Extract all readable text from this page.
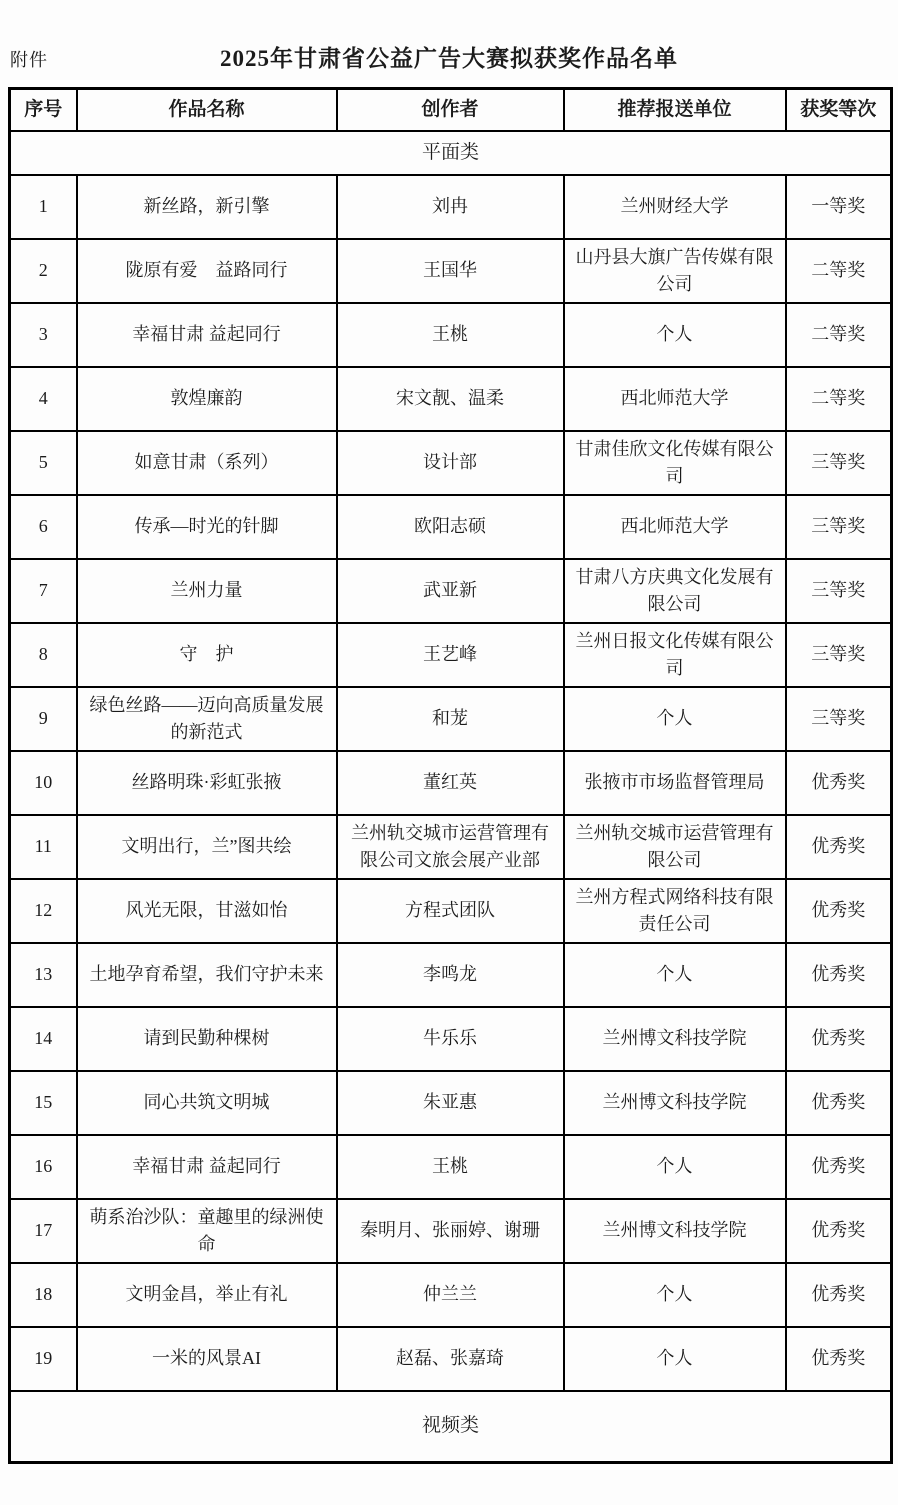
附件	2025年甘肃省公益广告大赛拟获奖作品名单
序号	作品名称	创作者	推荐报送单位	获奖等次
平面类				
1	新丝路，新引擎	刘冉	兰州财经大学	一等奖
2	陇原有爱　益路同行	王国华	山丹县大旗广告传媒有限公司	二等奖
3	幸福甘肃 益起同行	王桃	个人	二等奖
4	敦煌廉韵	宋文靓、温柔	西北师范大学	二等奖
5	如意甘肃（系列）	设计部	甘肃佳欣文化传媒有限公司	三等奖
6	传承—时光的针脚	欧阳志硕	西北师范大学	三等奖
7	兰州力量	武亚新	甘肃八方庆典文化发展有限公司	三等奖
8	守　护	王艺峰	兰州日报文化传媒有限公司	三等奖
9	绿色丝路——迈向高质量发展的新范式	和茏	个人	三等奖
10	丝路明珠·彩虹张掖	董红英	张掖市市场监督管理局	优秀奖
11	文明出行，兰”图共绘	兰州轨交城市运营管理有限公司文旅会展产业部	兰州轨交城市运营管理有限公司	优秀奖
12	风光无限，甘滋如怡	方程式团队	兰州方程式网络科技有限责任公司	优秀奖
13	土地孕育希望，我们守护未来	李鸣龙	个人	优秀奖
14	请到民勤种棵树	牛乐乐	兰州博文科技学院	优秀奖
15	同心共筑文明城	朱亚惠	兰州博文科技学院	优秀奖
16	幸福甘肃 益起同行	王桃	个人	优秀奖
17	萌系治沙队：童趣里的绿洲使命	秦明月、张丽婷、谢珊	兰州博文科技学院	优秀奖
18	文明金昌，举止有礼	仲兰兰	个人	优秀奖
19	一米的风景AI	赵磊、张嘉琦	个人	优秀奖
视频类				
